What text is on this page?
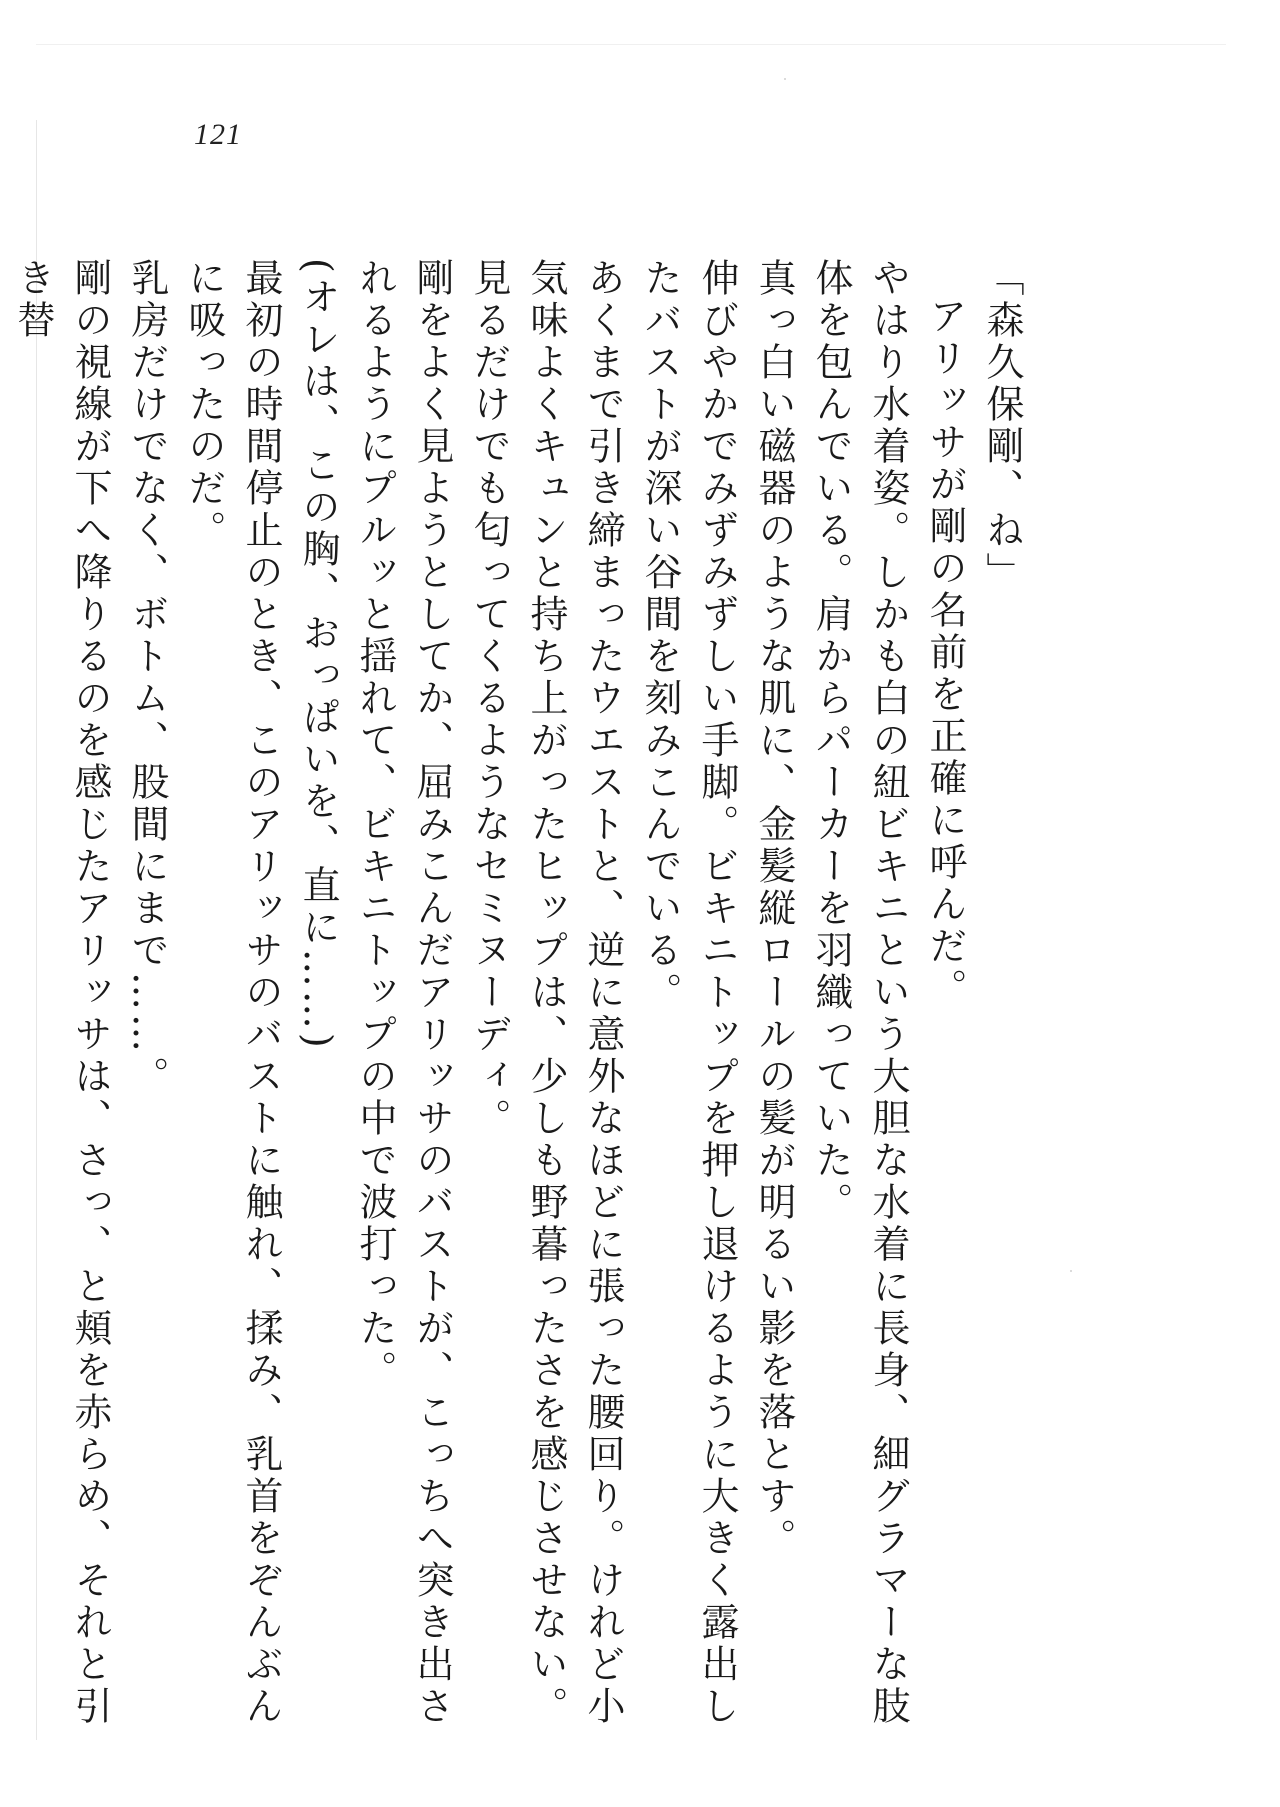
121

「森久保剛、ね」

アリッサが剛の名前を正確に呼んだ。

やはり水着姿。しかも白の紐ビキニという大胆な水着に長身、細グラマーな肢体を包んでいる。肩からパーカーを羽織っていた。

真っ白い磁器のような肌に、金髪縦ロールの髪が明るい影を落とす。

伸びやかでみずみずしい手脚。ビキニトップを押し退けるように大きく露出したバストが深い谷間を刻みこんでいる。

あくまで引き締まったウエストと、逆に意外なほどに張った腰回り。けれど小気味よくキュンと持ち上がったヒップは、少しも野暮ったさを感じさせない。

見るだけでも匂ってくるようなセミヌーディ。

剛をよく見ようとしてか、屈みこんだアリッサのバストが、こっちへ突き出されるようにプルッと揺れて、ビキニトップの中で波打った。

(オレは、この胸、おっぱいを、直に……)

最初の時間停止のとき、このアリッサのバストに触れ、揉み、乳首をぞんぶんに吸ったのだ。

乳房だけでなく、ボトム、股間にまで……。

剛の視線が下へ降りるのを感じたアリッサは、さっ、と頬を赤らめ、それと引き替
